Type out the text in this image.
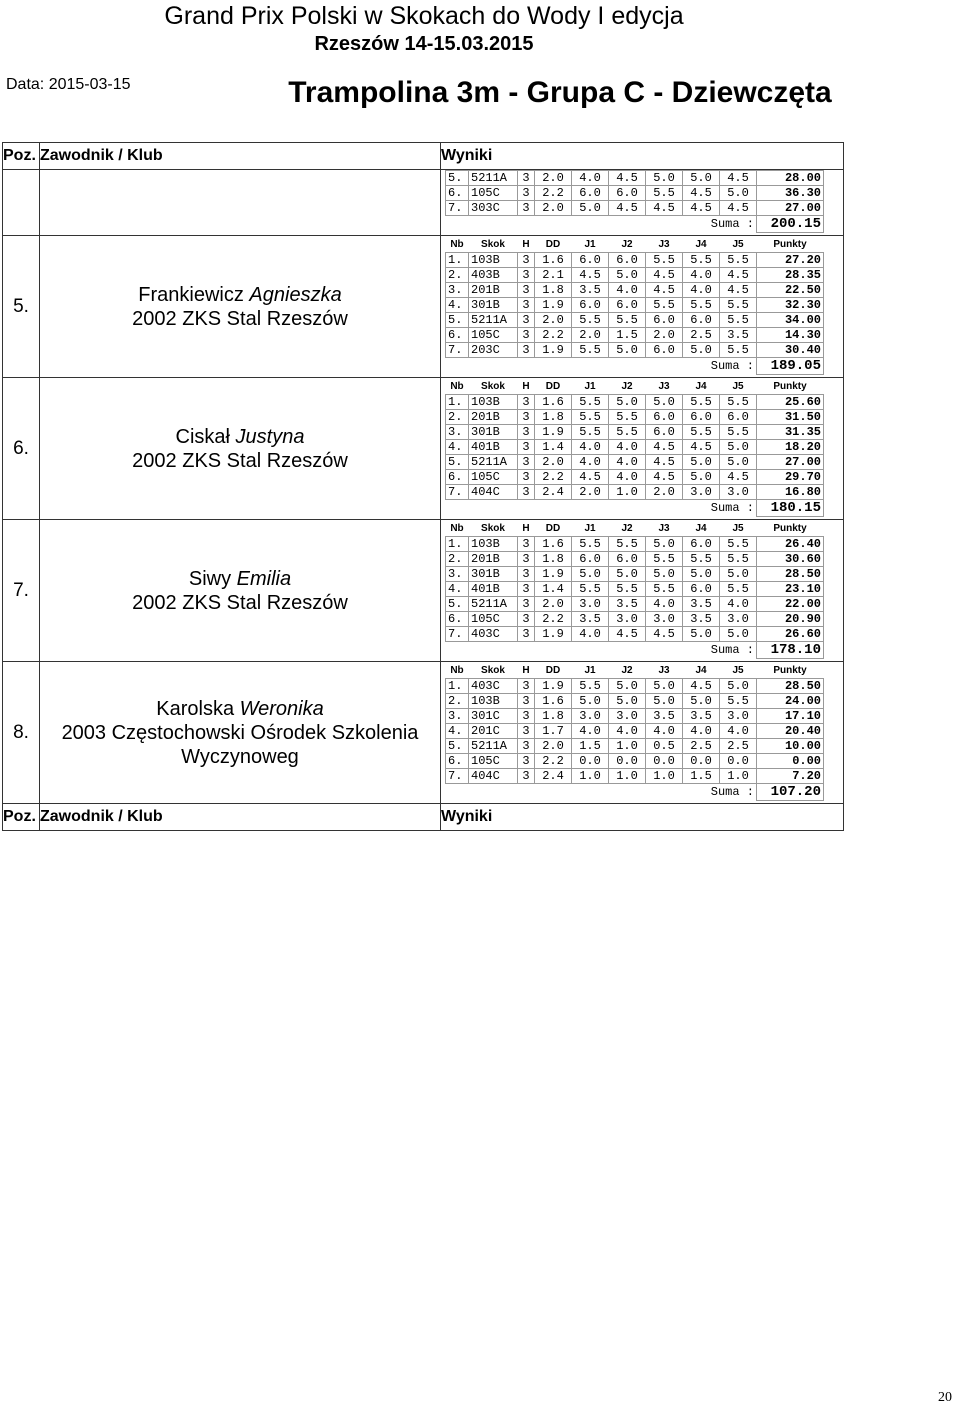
Grand Prix Polski w Skokach do Wody I edycja
Rzeszów 14-15.03.2015
Data: 2015-03-15	Trampolina 3m - Grupa C - Dziewczęta
Poz.	Zawodnik / Klub	Wyniki

5.	5211A	3	2.0	4.0	4.5	5.0	5.0	4.5	28.00
6.	105C	3	2.2	6.0	6.0	5.5	4.5	5.0	36.30
7.	303C	3	2.0	5.0	4.5	4.5	4.5	4.5	27.00
Suma :	200.15

5.	
Frankiewicz Agnieszka
2002 ZKS Stal Rzeszów

Nb	Skok	H	DD	J1	J2	J3	J4	J5	Punkty
1.	103B	3	1.6	6.0	6.0	5.5	5.5	5.5	27.20
2.	403B	3	2.1	4.5	5.0	4.5	4.0	4.5	28.35
3.	201B	3	1.8	3.5	4.0	4.5	4.0	4.5	22.50
4.	301B	3	1.9	6.0	6.0	5.5	5.5	5.5	32.30
5.	5211A	3	2.0	5.5	5.5	6.0	6.0	5.5	34.00
6.	105C	3	2.2	2.0	1.5	2.0	2.5	3.5	14.30
7.	203C	3	1.9	5.5	5.0	6.0	5.0	5.5	30.40
Suma :	189.05

6.	
Ciskał Justyna
2002 ZKS Stal Rzeszów

Nb	Skok	H	DD	J1	J2	J3	J4	J5	Punkty
1.	103B	3	1.6	5.5	5.0	5.0	5.5	5.5	25.60
2.	201B	3	1.8	5.5	5.5	6.0	6.0	6.0	31.50
3.	301B	3	1.9	5.5	5.5	6.0	5.5	5.5	31.35
4.	401B	3	1.4	4.0	4.0	4.5	4.5	5.0	18.20
5.	5211A	3	2.0	4.0	4.0	4.5	5.0	5.0	27.00
6.	105C	3	2.2	4.5	4.0	4.5	5.0	4.5	29.70
7.	404C	3	2.4	2.0	1.0	2.0	3.0	3.0	16.80
Suma :	180.15

7.	
Siwy Emilia
2002 ZKS Stal Rzeszów

Nb	Skok	H	DD	J1	J2	J3	J4	J5	Punkty
1.	103B	3	1.6	5.5	5.5	5.0	6.0	5.5	26.40
2.	201B	3	1.8	6.0	6.0	5.5	5.5	5.5	30.60
3.	301B	3	1.9	5.0	5.0	5.0	5.0	5.0	28.50
4.	401B	3	1.4	5.5	5.5	5.5	6.0	5.5	23.10
5.	5211A	3	2.0	3.0	3.5	4.0	3.5	4.0	22.00
6.	105C	3	2.2	3.5	3.0	3.0	3.5	3.0	20.90
7.	403C	3	1.9	4.0	4.5	4.5	5.0	5.0	26.60
Suma :	178.10

8.	
Karolska Weronika
2003 Częstochowski Ośrodek Szkolenia Wyczynoweg

Nb	Skok	H	DD	J1	J2	J3	J4	J5	Punkty
1.	403C	3	1.9	5.5	5.0	5.0	4.5	5.0	28.50
2.	103B	3	1.6	5.0	5.0	5.0	5.0	5.5	24.00
3.	301C	3	1.8	3.0	3.0	3.5	3.5	3.0	17.10
4.	201C	3	1.7	4.0	4.0	4.0	4.0	4.0	20.40
5.	5211A	3	2.0	1.5	1.0	0.5	2.5	2.5	10.00
6.	105C	3	2.2	0.0	0.0	0.0	0.0	0.0	0.00
7.	404C	3	2.4	1.0	1.0	1.0	1.5	1.0	7.20
Suma :	107.20

Poz.	Zawodnik / Klub	Wyniki
20
